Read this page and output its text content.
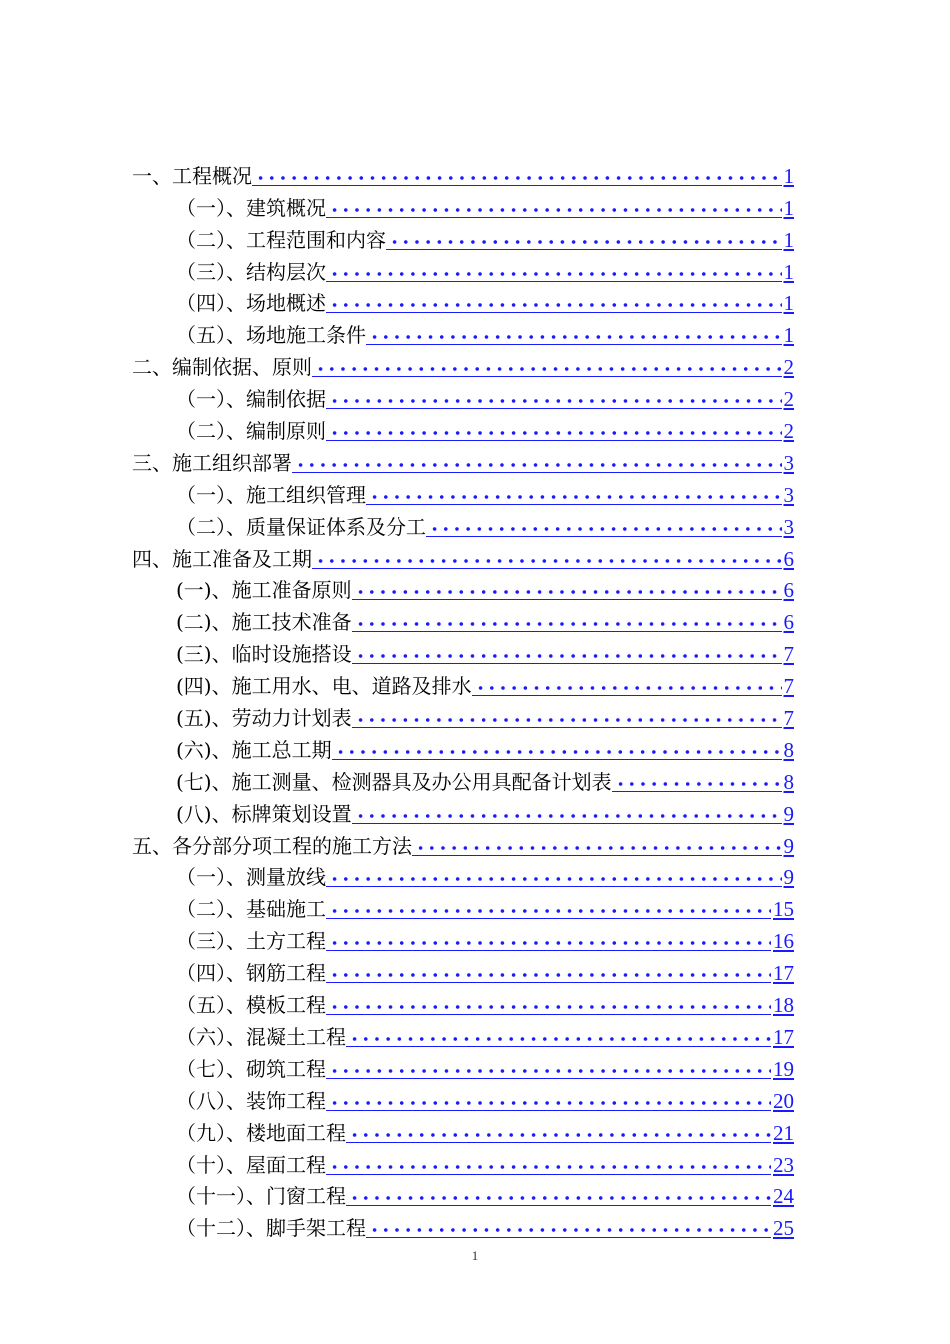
一、工程概况	1
（一）、建筑概况	1
（二）、工程范围和内容	1
（三）、结构层次	1
（四）、场地概述	1
（五）、场地施工条件	1
二、编制依据、原则	2
（一）、编制依据	2
（二）、编制原则	2
三、施工组织部署	3
（一）、施工组织管理	3
（二）、质量保证体系及分工	3
四、施工准备及工期	6
(一)、施工准备原则	6
(二)、施工技术准备	6
(三)、临时设施搭设	7
(四)、施工用水、电、道路及排水	7
(五)、劳动力计划表	7
(六)、施工总工期	8
(七)、施工测量、检测器具及办公用具配备计划表	8
(八)、标牌策划设置	9
五、各分部分项工程的施工方法	9
（一）、测量放线	9
（二）、基础施工	15
（三）、土方工程	16
（四）、钢筋工程	17
（五）、模板工程	18
（六）、混凝土工程	17
（七）、砌筑工程	19
（八）、装饰工程	20
（九）、楼地面工程	21
（十）、屋面工程	23
（十一）、门窗工程	24
（十二）、脚手架工程	25
1
